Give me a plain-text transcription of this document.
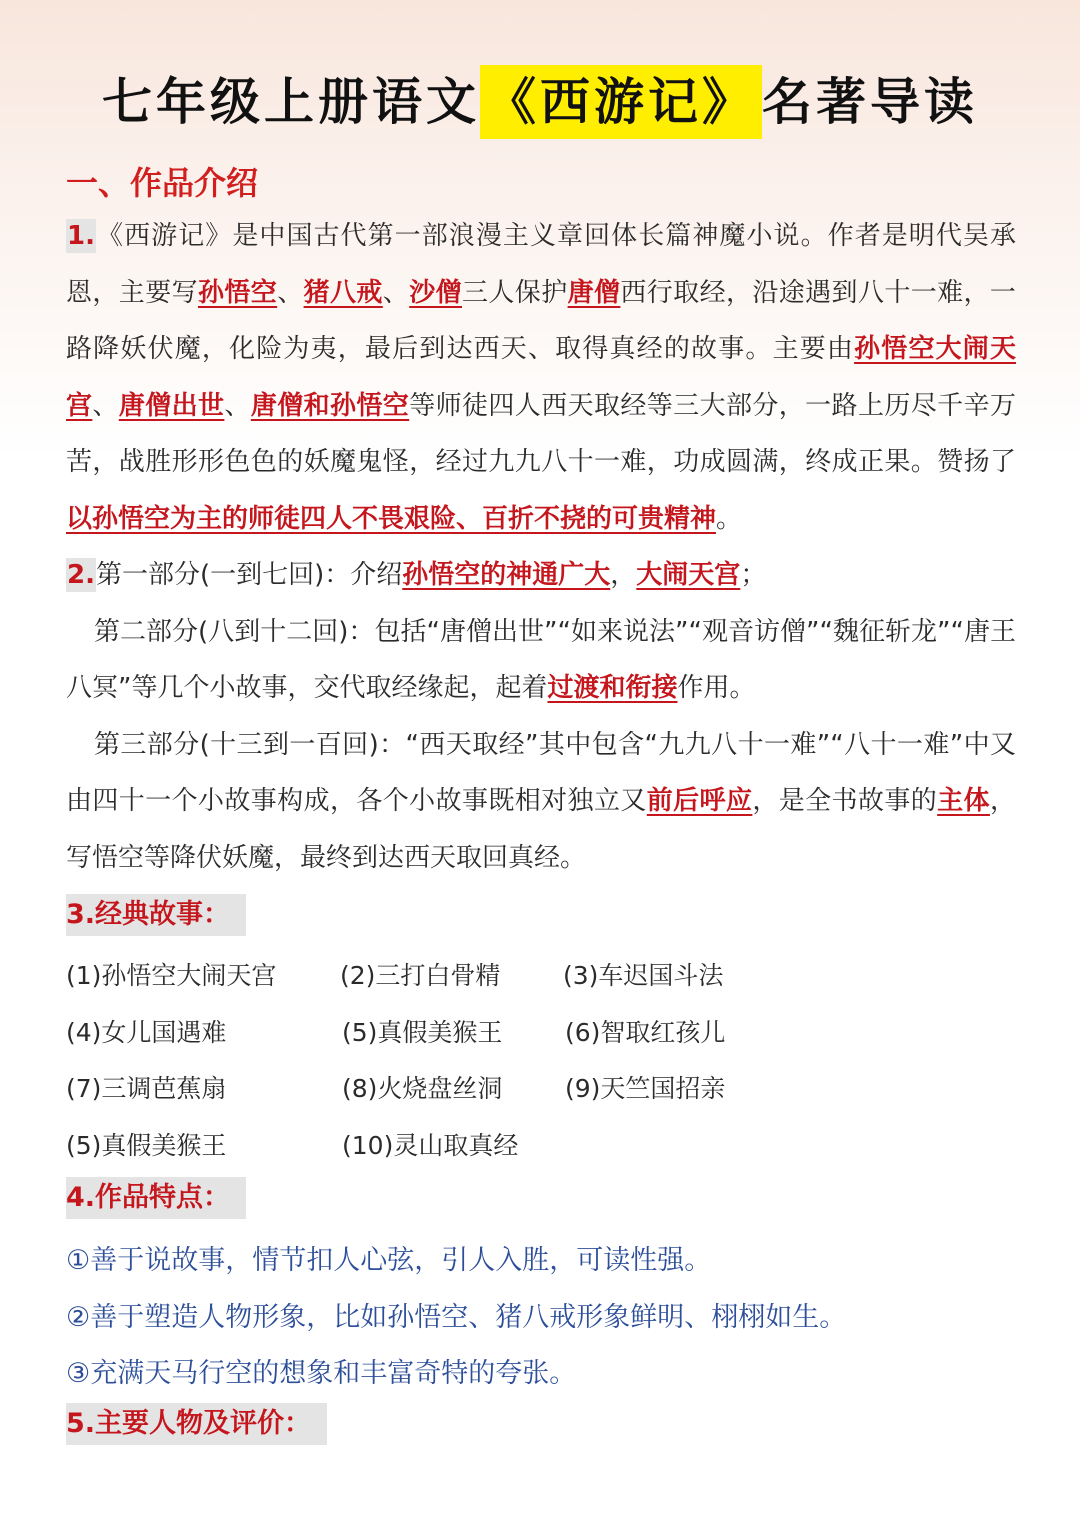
七年级上册语文 《西游记》 名著导读
一、作品介绍
1.《西游记》是中国古代第一部浪漫主义章回体长篇神魔小说。作者是明代吴承恩，主要写孙悟空、猪八戒、沙僧三人保护唐僧西行取经，沿途遇到八十一难，一路降妖伏魔，化险为夷，最后到达西天、取得真经的故事。主要由孙悟空大闹天宫、唐僧出世、唐僧和孙悟空等师徒四人西天取经等三大部分，一路上历尽千辛万苦，战胜形形色色的妖魔鬼怪，经过九九八十一难，功成圆满，终成正果。赞扬了以孙悟空为主的师徒四人不畏艰险、百折不挠的可贵精神。
2.第一部分(一到七回)：介绍孙悟空的神通广大，大闹天宫；
第二部分(八到十二回)：包括“唐僧出世”“如来说法”“观音访僧”“魏征斩龙”“唐王八冥”等几个小故事，交代取经缘起，起着过渡和衔接作用。
第三部分(十三到一百回)：“西天取经”其中包含“九九八十一难”“八十一难”中又由四十一个小故事构成，各个小故事既相对独立又前后呼应，是全书故事的主体，写悟空等降伏妖魔，最终到达西天取回真经。
3.经典故事：
(1)孙悟空大闹天宫	(2)三打白骨精	(3)车迟国斗法
(4)女儿国遇难	(5)真假美猴王	(6)智取红孩儿
(7)三调芭蕉扇	(8)火烧盘丝洞	(9)天竺国招亲
(5)真假美猴王	(10)灵山取真经
4.作品特点：
①善于说故事，情节扣人心弦，引人入胜，可读性强。
②善于塑造人物形象，比如孙悟空、猪八戒形象鲜明、栩栩如生。
③充满天马行空的想象和丰富奇特的夸张。
5.主要人物及评价：
